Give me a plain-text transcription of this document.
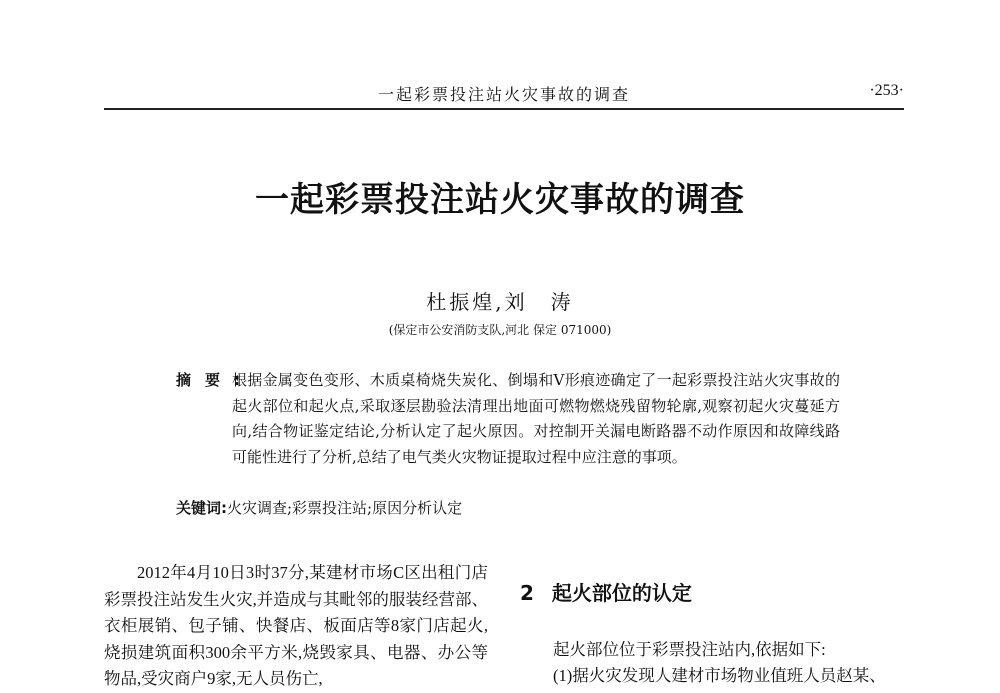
一起彩票投注站火灾事故的调查	·253·
一起彩票投注站火灾事故的调查
杜振煌,刘　涛
(保定市公安消防支队,河北 保定 071000)
摘要:
根据金属变色变形、木质桌椅烧失炭化、倒塌和V形痕迹确定了一起彩票投注站火灾事故的起火部位和起火点,采取逐层勘验法清理出地面可燃物燃烧残留物轮廓,观察初起火灾蔓延方向,结合物证鉴定结论,分析认定了起火原因。对控制开关漏电断路器不动作原因和故障线路可能性进行了分析,总结了电气类火灾物证提取过程中应注意的事项。
关键词:火灾调查;彩票投注站;原因分析认定

2012年4月10日3时37分,某建材市场C区出租门店彩票投注站发生火灾,并造成与其毗邻的服装经营部、衣柜展销、包子铺、快餐店、板面店等8家门店起火,烧损建筑面积300余平方米,烧毁家具、电器、办公等物品,受灾商户9家,无人员伤亡,

2 起火部位的认定

起火部位位于彩票投注站内,依据如下:

(1)据火灾发现人建材市场物业值班人员赵某、
